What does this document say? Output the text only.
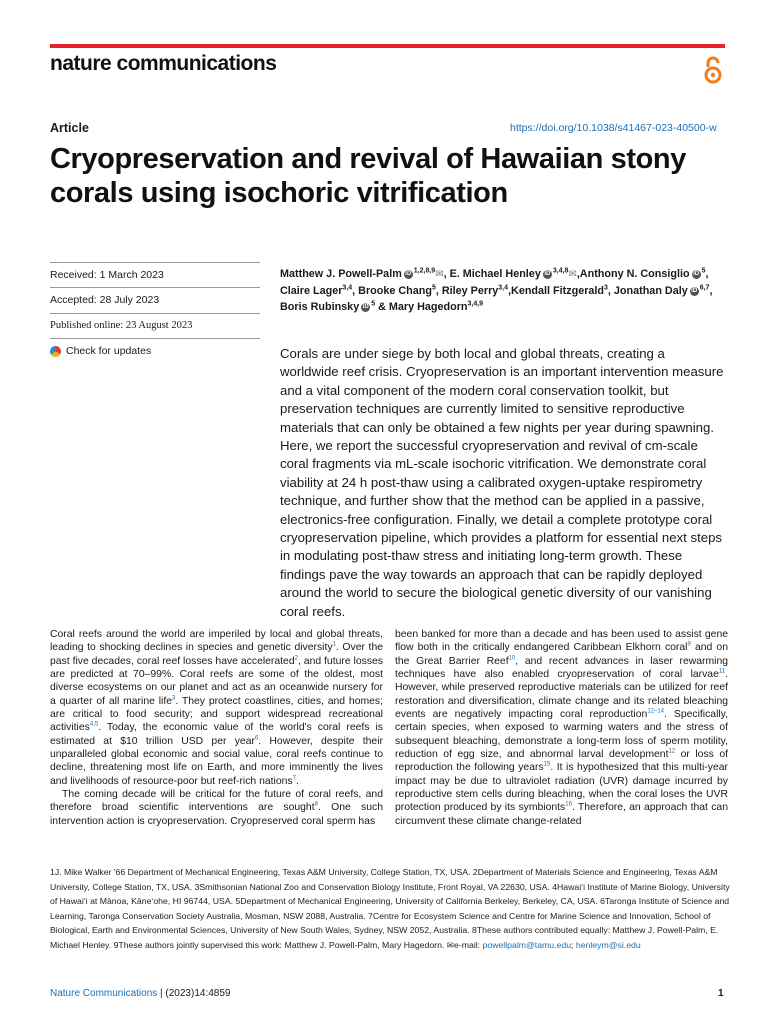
nature communications
Article	https://doi.org/10.1038/s41467-023-40500-w
Cryopreservation and revival of Hawaiian stony corals using isochoric vitrification
Received: 1 March 2023
Accepted: 28 July 2023
Published online: 23 August 2023
Check for updates
Matthew J. Powell-Palm iD $^{1,2,8,9}$✉, E. Michael Henley iD $^{3,4,8}$✉,Anthony N. Consiglio iD $^5$, Claire Lager$^{3,4}$, Brooke Chang$^5$, Riley Perry$^{3,4}$,Kendall Fitzgerald$^3$, Jonathan Daly iD $^{6,7}$, Boris Rubinsky iD $^5$ & Mary Hagedorn$^{3,4,9}$

Corals are under siege by both local and global threats, creating a worldwide reef crisis. Cryopreservation is an important intervention measure and a vital component of the modern coral conservation toolkit, but preservation techniques are currently limited to sensitive reproductive materials that can only be obtained a few nights per year during spawning. Here, we report the successful cryopreservation and revival of cm-scale coral fragments via mL-scale isochoric vitrification. We demonstrate coral viability at 24 h post-thaw using a calibrated oxygen-uptake respirometry technique, and further show that the method can be applied in a passive, electronics-free configuration. Finally, we detail a complete prototype coral cryopreservation pipeline, which provides a platform for essential next steps in modulating post-thaw stress and initiating long-term growth. These findings pave the way towards an approach that can be rapidly deployed around the world to secure the biological genetic diversity of our vanishing coral reefs.

Coral reefs around the world are imperiled by local and global threats, leading to shocking declines in species and genetic diversity$^1$. Over the past five decades, coral reef losses have accelerated$^2$, and future losses are predicted at 70–99%. Coral reefs are some of the oldest, most diverse ecosystems on our planet and act as an oceanwide nursery for a quarter of all marine life$^3$. They protect coastlines, cities, and homes; are critical to food security; and support widespread recreational activities$^{4,5}$. Today, the economic value of the world's coral reefs is estimated at $10 trillion USD per year$^6$. However, despite their unparalleled global economic and social value, coral reefs continue to decline, threatening most life on Earth, and more imminently the lives and livelihoods of resource-poor but reef-rich nations$^7$.

The coming decade will be critical for the future of coral reefs, and therefore broad scientific interventions are sought$^8$. One such intervention action is cryopreservation. Cryopreserved coral sperm has

been banked for more than a decade and has been used to assist gene flow both in the critically endangered Caribbean Elkhorn coral$^9$ and on the Great Barrier Reef$^{10}$, and recent advances in laser rewarming techniques have also enabled cryopreservation of coral larvae$^{11}$. However, while preserved reproductive materials can be utilized for reef restoration and diversification, climate change and its related bleaching events are negatively impacting coral reproduction$^{12-14}$. Specifically, certain species, when exposed to warming waters and the stress of subsequent bleaching, demonstrate a long-term loss of sperm motility, reduction of egg size, and abnormal larval development$^{12}$ or loss of reproduction the following years$^{15}$. It is hypothesized that this multi-year impact may be due to ultraviolet radiation (UVR) damage incurred by reproductive stem cells during bleaching, when the coral loses the UVR protection produced by its symbionts$^{16}$. Therefore, an approach that can circumvent these climate change-related

1J. Mike Walker '66 Department of Mechanical Engineering, Texas A&M University, College Station, TX, USA. 2Department of Materials Science and Engineering, Texas A&M University, College Station, TX, USA. 3Smithsonian National Zoo and Conservation Biology Institute, Front Royal, VA 22630, USA. 4Hawaiʻi Institute of Marine Biology, University of Hawaiʻi at Mānoa, Kāneʻohe, HI 96744, USA. 5Department of Mechanical Engineering, University of California Berkeley, Berkeley, CA, USA. 6Taronga Institute of Science and Learning, Taronga Conservation Society Australia, Mosman, NSW 2088, Australia. 7Centre for Ecosystem Science and Centre for Marine Science and Innovation, School of Biological, Earth and Environmental Sciences, University of New South Wales, Sydney, NSW 2052, Australia. 8These authors contributed equally: Matthew J. Powell-Palm, E. Michael Henley. 9These authors jointly supervised this work: Matthew J. Powell-Palm, Mary Hagedorn. ✉e-mail: powellpalm@tamu.edu; henleym@si.edu
Nature Communications | (2023)14:4859	1
